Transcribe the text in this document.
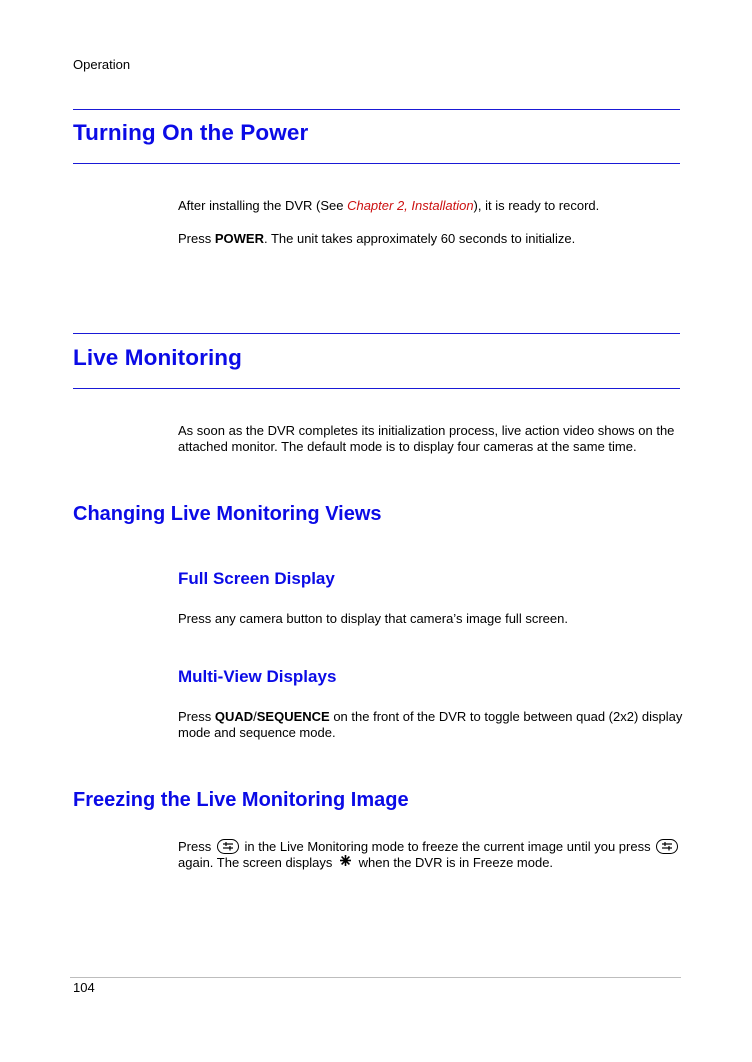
Operation
Turning On the Power

After installing the DVR (See Chapter 2, Installation), it is ready to record.

Press POWER. The unit takes approximately 60 seconds to initialize.

Live Monitoring

As soon as the DVR completes its initialization process, live action video shows on the attached monitor. The default mode is to display four cameras at the same time.

Changing Live Monitoring Views
Full Screen Display

Press any camera button to display that camera’s image full screen.

Multi-View Displays

Press QUAD/SEQUENCE on the front of the DVR to toggle between quad (2x2) display mode and sequence mode.

Freezing the Live Monitoring Image

Press	in the Live Monitoring mode to freeze the current image until you press
again. The screen displays when the DVR is in Freeze mode.

104
